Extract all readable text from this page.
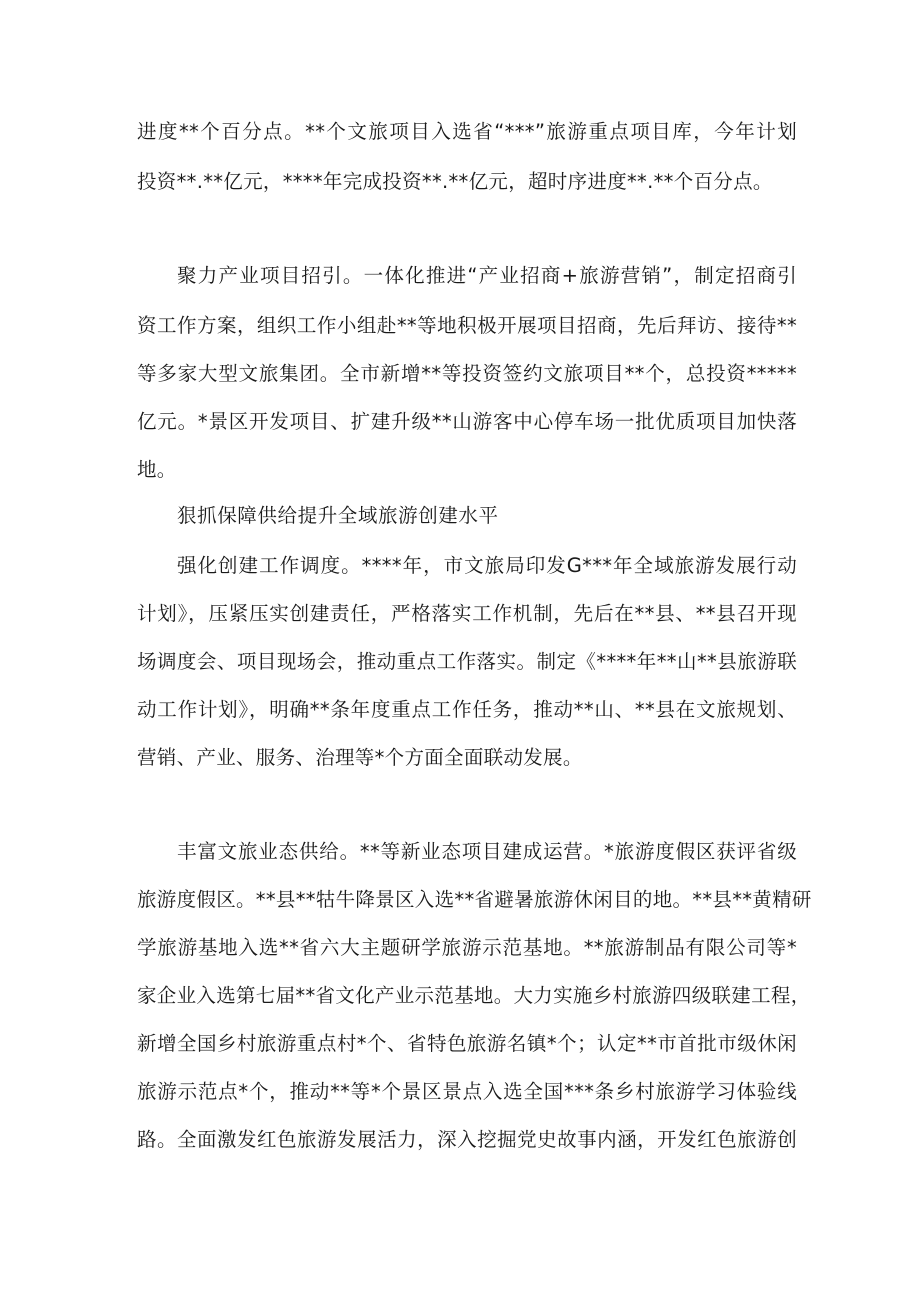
进度**个百分点。**个文旅项目入选省“***”旅游重点项目库，今年计划

投资**.**亿元，****年完成投资**.**亿元，超时序进度**.**个百分点。

聚力产业项目招引。一体化推进“产业招商+旅游营销”，制定招商引

资工作方案，组织工作小组赴**等地积极开展项目招商，先后拜访、接待**

等多家大型文旅集团。全市新增**等投资签约文旅项目**个，总投资*****

亿元。*景区开发项目、扩建升级**山游客中心停车场一批优质项目加快落

地。

狠抓保障供给提升全域旅游创建水平

强化创建工作调度。****年，市文旅局印发G***年全域旅游发展行动

计划》，压紧压实创建责任，严格落实工作机制，先后在**县、**县召开现

场调度会、项目现场会，推动重点工作落实。制定《****年**山**县旅游联

动工作计划》，明确**条年度重点工作任务，推动**山、**县在文旅规划、

营销、产业、服务、治理等*个方面全面联动发展。

丰富文旅业态供给。**等新业态项目建成运营。*旅游度假区获评省级

旅游度假区。**县**牯牛降景区入选**省避暑旅游休闲目的地。**县**黄精研

学旅游基地入选**省六大主题研学旅游示范基地。**旅游制品有限公司等*

家企业入选第七届**省文化产业示范基地。大力实施乡村旅游四级联建工程，

新增全国乡村旅游重点村*个、省特色旅游名镇*个；认定**市首批市级休闲

旅游示范点*个，推动**等*个景区景点入选全国***条乡村旅游学习体验线

路。全面激发红色旅游发展活力，深入挖掘党史故事内涵，开发红色旅游创
